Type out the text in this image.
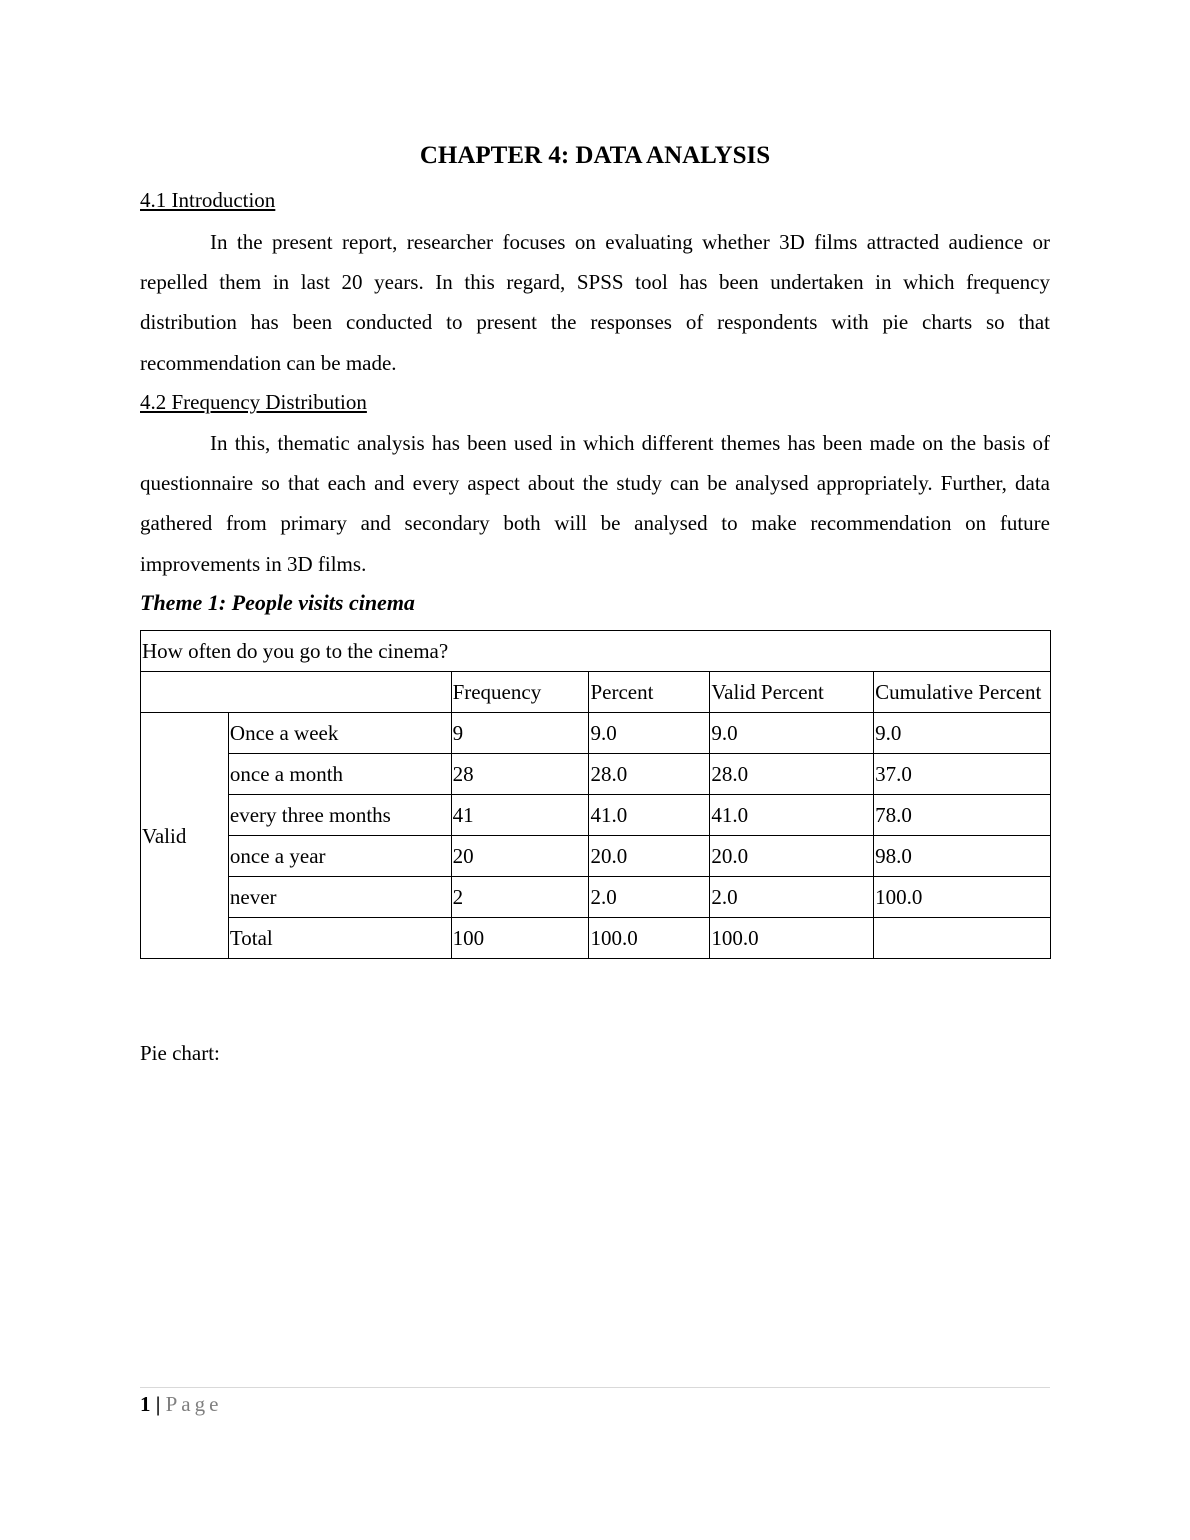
CHAPTER 4: DATA ANALYSIS
4.1 Introduction

In the present report, researcher focuses on evaluating whether 3D films attracted audience or repelled them in last 20 years. In this regard, SPSS tool has been undertaken in which frequency distribution has been conducted to present the responses of respondents with pie charts so that recommendation can be made.

4.2 Frequency Distribution

In this, thematic analysis has been used in which different themes has been made on the basis of questionnaire so that each and every aspect about the study can be analysed appropriately. Further, data gathered from primary and secondary both will be analysed to make recommendation on future improvements in 3D films.

Theme 1: People visits cinema
How often do you go to the cinema?					
		Frequency	Percent	Valid Percent	Cumulative Percent
Valid	Once a week	9	9.0	9.0	9.0
	once a month	28	28.0	28.0	37.0
	every three months	41	41.0	41.0	78.0
	once a year	20	20.0	20.0	98.0
	never	2	2.0	2.0	100.0
	Total	100	100.0	100.0	
Pie chart:
1 | Page
